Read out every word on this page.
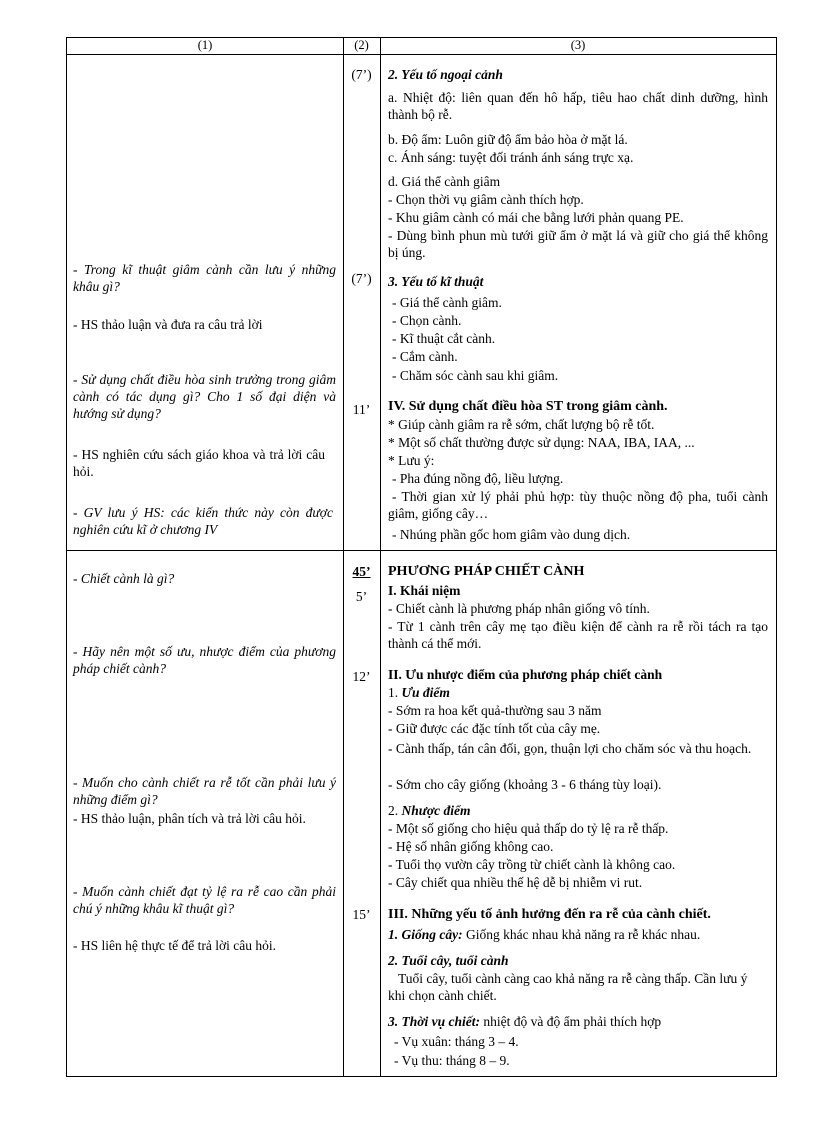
(1)	(2)	(3)
- Trong kĩ thuật giâm cành cần lưu ý những khâu gì?
- HS thảo luận và đưa ra câu trả lời
- Sử dụng chất điều hòa sinh trưởng trong giâm cành có tác dụng gì? Cho 1 số đại diện và hướng sử dụng?
- HS nghiên cứu sách giáo khoa và trả lời câu hỏi.
- GV lưu ý HS: các kiến thức này còn được nghiên cứu kĩ ở chương IV
(7’)
(7’)
11’
2. Yếu tố ngoại cảnh
a. Nhiệt độ: liên quan đến hô hấp, tiêu hao chất dinh dưỡng, hình thành bộ rễ.
b. Độ ẩm: Luôn giữ độ ẩm bảo hòa ở mặt lá.
c. Ánh sáng: tuyệt đối tránh ánh sáng trực xạ.
d. Giá thể cành giâm
- Chọn thời vụ giâm cành thích hợp.
- Khu giâm cành có mái che bằng lưới phản quang PE.
- Dùng bình phun mù tưới giữ ẩm ở mặt lá và giữ cho giá thể không bị úng.
3. Yếu tố kĩ thuật
- Giá thể cành giâm.
- Chọn cành.
- Kĩ thuật cắt cành.
- Cắm cành.
- Chăm sóc cành sau khi giâm.
IV. Sử dụng chất điều hòa ST trong giâm cành.
* Giúp cành giâm ra rễ sớm, chất lượng bộ rễ tốt.
* Một số chất thường được sử dụng: NAA, IBA, IAA, ...
* Lưu ý:
- Pha đúng nồng độ, liều lượng.
- Thời gian xử lý phải phủ hợp: tùy thuộc nồng độ pha, tuổi cành giâm, giống cây…
- Nhúng phần gốc hom giâm vào dung dịch.
- Chiết cành là gì?
- Hãy nên một số ưu, nhược điểm của phương pháp chiết cành?
- Muốn cho cành chiết ra rễ tốt cần phải lưu ý những điểm gì?
- HS thảo luận, phân tích và trả lời câu hỏi.
- Muốn cành chiết đạt tỷ lệ ra rễ cao cần phải chú ý những khâu kĩ thuật gì?
- HS liên hệ thực tế để trả lời câu hỏi.
45’
5’
12’
15’
PHƯƠNG PHÁP CHIẾT CÀNH
I. Khái niệm
- Chiết cành là phương pháp nhân giống vô tính.
- Từ 1 cành trên cây mẹ tạo điều kiện để cành ra rễ rồi tách ra tạo thành cá thể mới.
II. Ưu nhược điểm của phương pháp chiết cành
1. Ưu điểm
- Sớm ra hoa kết quả-thường sau 3 năm
- Giữ được các đặc tính tốt của cây mẹ.
- Cành thấp, tán cân đối, gọn, thuận lợi cho chăm sóc và thu hoạch.
- Sớm cho cây giống (khoảng 3 - 6 tháng tùy loại).
2. Nhược điểm
- Một số giống cho hiệu quả thấp do tỷ lệ ra rễ thấp.
- Hệ số nhân giống không cao.
- Tuổi thọ vườn cây trồng từ chiết cành là không cao.
- Cây chiết qua nhiều thế hệ dễ bị nhiễm vi rut.
III. Những yếu tố ảnh hưởng đến ra rễ của cành chiết.
1. Giống cây: Giống khác nhau khả năng ra rễ khác nhau.
2. Tuổi cây, tuổi cành
Tuổi cây, tuổi cành càng cao khả năng ra rễ càng thấp. Cần lưu ý khi chọn cành chiết.
3. Thời vụ chiết: nhiệt độ và độ ẩm phải thích hợp
- Vụ xuân: tháng 3 – 4.
- Vụ thu: tháng 8 – 9.
